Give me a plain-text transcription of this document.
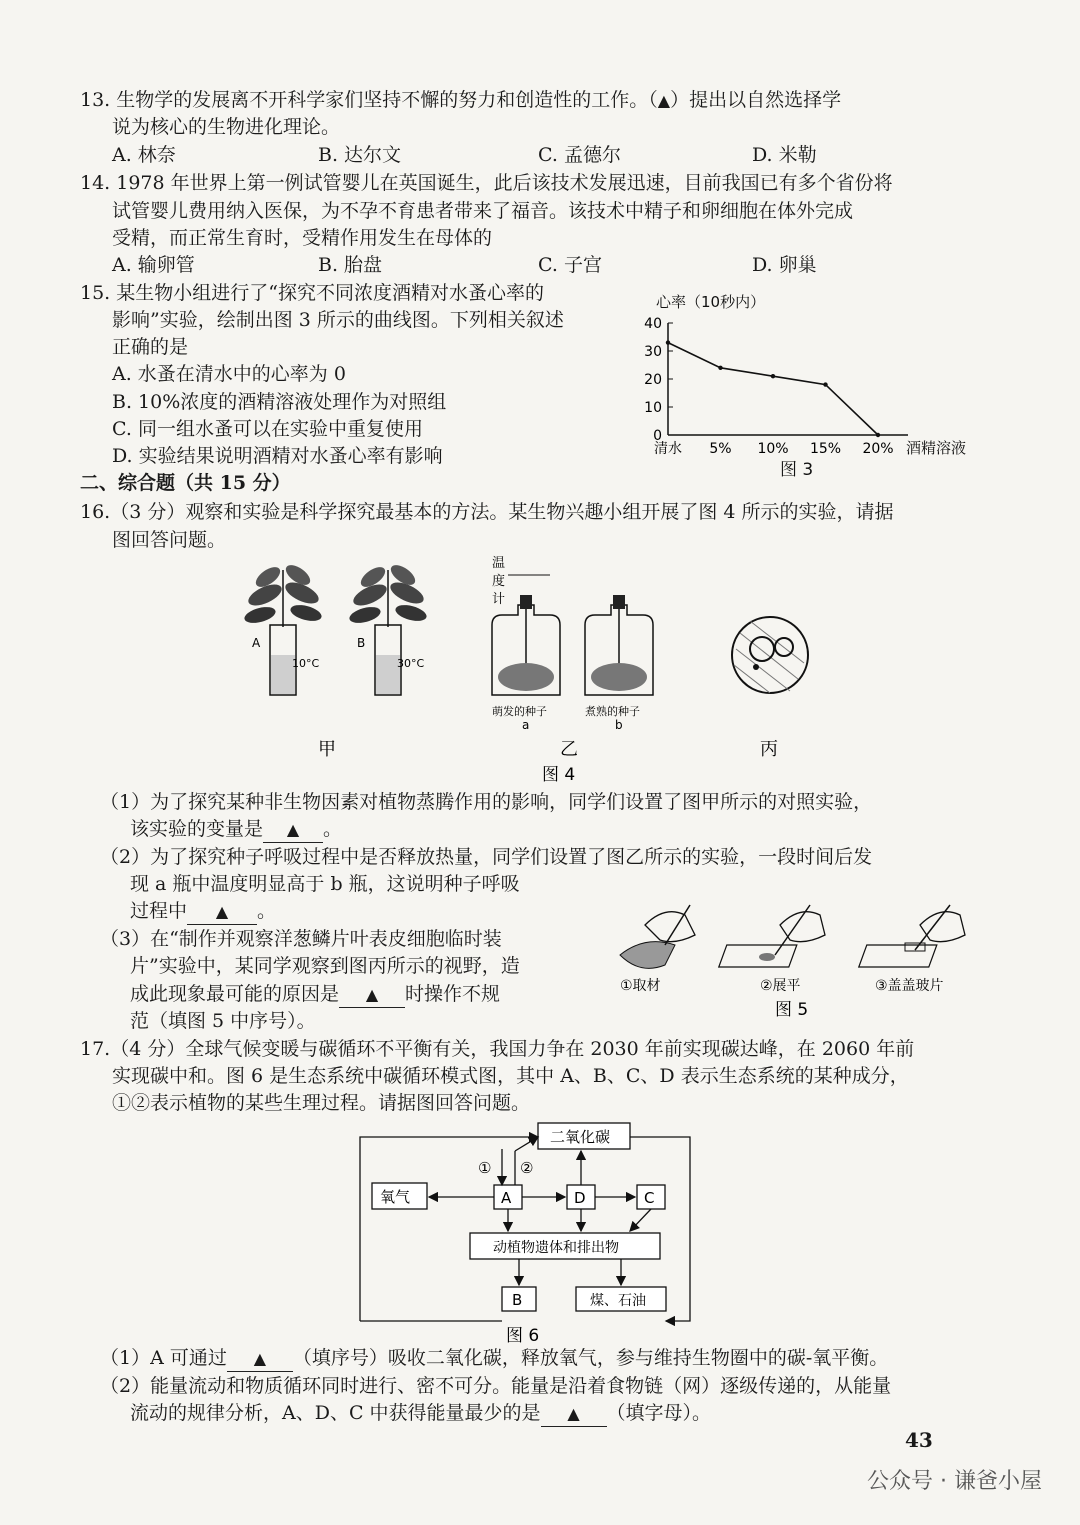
13. 生物学的发展离不开科学家们坚持不懈的努力和创造性的工作。（▲）提出以自然选择学
说为核心的生物进化理论。
A. 林奈	B. 达尔文	C. 孟德尔	D. 米勒
14. 1978 年世界上第一例试管婴儿在英国诞生，此后该技术发展迅速，目前我国已有多个省份将
试管婴儿费用纳入医保，为不孕不育患者带来了福音。该技术中精子和卵细胞在体外完成
受精，而正常生育时，受精作用发生在母体的
A. 输卵管	B. 胎盘	C. 子宫	D. 卵巢
15. 某生物小组进行了“探究不同浓度酒精对水蚤心率的
影响”实验，绘制出图 3 所示的曲线图。下列相关叙述
正确的是
A. 水蚤在清水中的心率为 0
B. 10%浓度的酒精溶液处理作为对照组
C. 同一组水蚤可以在实验中重复使用
D. 实验结果说明酒精对水蚤心率有影响
心率（10秒内）
0
10
20
30
40
清水 5% 10% 15% 20% 酒精溶液
图 3
二、综合题（共 15 分）
16.（3 分）观察和实验是科学探究最基本的方法。某生物兴趣小组开展了图 4 所示的实验，请据
图回答问题。
A
10°C
B
30°C
温
度
计
萌发的种子
a
煮熟的种子
b
甲	乙	丙
图 4
（1）为了探究某种非生物因素对植物蒸腾作用的影响，同学们设置了图甲所示的对照实验，
该实验的变量是 ▲ 。
（2）为了探究种子呼吸过程中是否释放热量，同学们设置了图乙所示的实验，一段时间后发
现 a 瓶中温度明显高于 b 瓶，这说明种子呼吸
过程中 ▲ 。
（3）在“制作并观察洋葱鳞片叶表皮细胞临时装
片”实验中，某同学观察到图丙所示的视野，造
成此现象最可能的原因是 ▲ 时操作不规
范（填图 5 中序号）。
①取材	②展平	③盖盖玻片
图 5
17.（4 分）全球气候变暖与碳循环不平衡有关，我国力争在 2030 年前实现碳达峰，在 2060 年前
实现碳中和。图 6 是生态系统中碳循环模式图，其中 A、B、C、D 表示生态系统的某种成分，
①②表示植物的某些生理过程。请据图回答问题。
二氧化碳
氧气	A	D	C
动植物遗体和排出物
B	煤、石油
① ②
图 6
（1）A 可通过 ▲ （填序号）吸收二氧化碳，释放氧气，参与维持生物圈中的碳-氧平衡。
（2）能量流动和物质循环同时进行、密不可分。能量是沿着食物链（网）逐级传递的，从能量
流动的规律分析，A、D、C 中获得能量最少的是 ▲ （填字母）。
43
公众号 · 谦爸小屋
